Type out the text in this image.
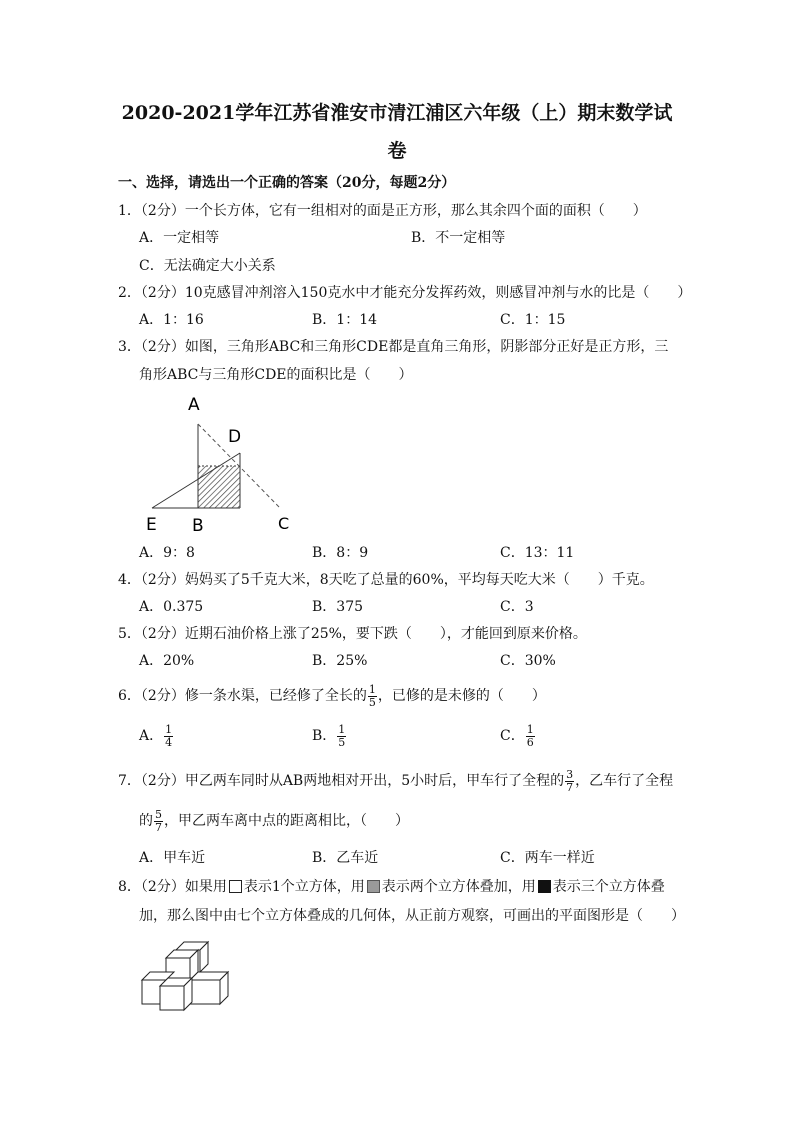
2020-2021学年江苏省淮安市清江浦区六年级（上）期末数学试
卷
一、选择，请选出一个正确的答案（20分，每题2分）
1．（2分）一个长方体，它有一组相对的面是正方形，那么其余四个面的面积（　　）
A．一定相等	B．不一定相等
C．无法确定大小关系
2．（2分）10克感冒冲剂溶入150克水中才能充分发挥药效，则感冒冲剂与水的比是（　　）
A．1：16	B．1：14	C．1：15
3．（2分）如图，三角形ABC和三角形CDE都是直角三角形，阴影部分正好是正方形，三
角形ABC与三角形CDE的面积比是（　　）
A
D
E B	C
A．9：8	B．8：9	C．13：11
4．（2分）妈妈买了5千克大米，8天吃了总量的60%，平均每天吃大米（　　）千克。
A．0.375	B．375	C．3
5．（2分）近期石油价格上涨了25%，要下跌（　　），才能回到原来价格。
A．20%	B．25%	C．30%
6．（2分）修一条水渠，已经修了全长的 $\frac{1}{5}$ ，已修的是未修的（　　）
A． $\frac{1}{4}$	B． $\frac{1}{5}$	C． $\frac{1}{6}$
7．（2分）甲乙两车同时从AB两地相对开出，5小时后，甲车行了全程的 $\frac{3}{7}$ ，乙车行了全程
的 $\frac{5}{7}$ ，甲乙两车离中点的距离相比，（　　）
A．甲车近	B．乙车近	C．两车一样近
8．（2分）如果用 表示1个立方体，用 表示两个立方体叠加，用 表示三个立方体叠
加，那么图中由七个立方体叠成的几何体，从正前方观察，可画出的平面图形是（　　）
